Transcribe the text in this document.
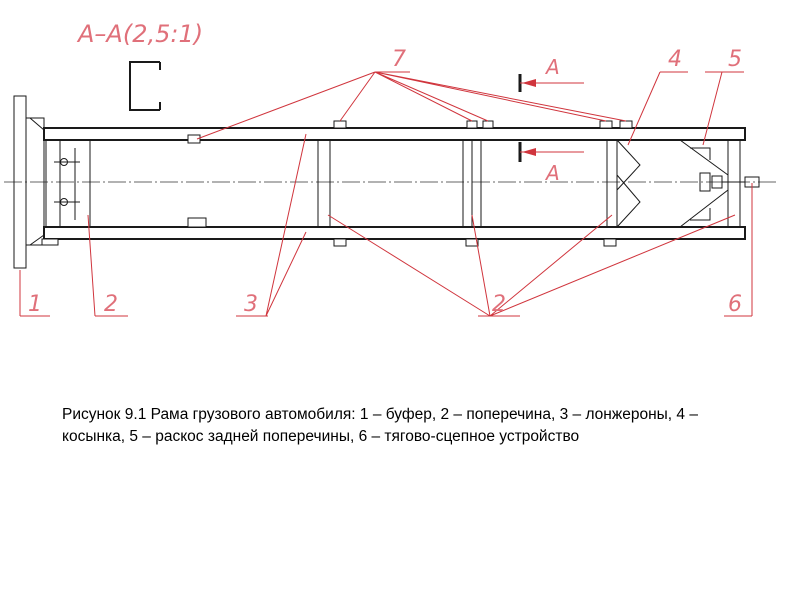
А–А(2,5:1)
А
А
7
1	2	3	2
4 5
6

Рисунок 9.1 Рама грузового автомобиля: 1 – буфер, 2 – поперечина, 3 – лонжероны, 4 – косынка, 5 – раскос задней поперечины, 6 – тягово-сцепное устройство
